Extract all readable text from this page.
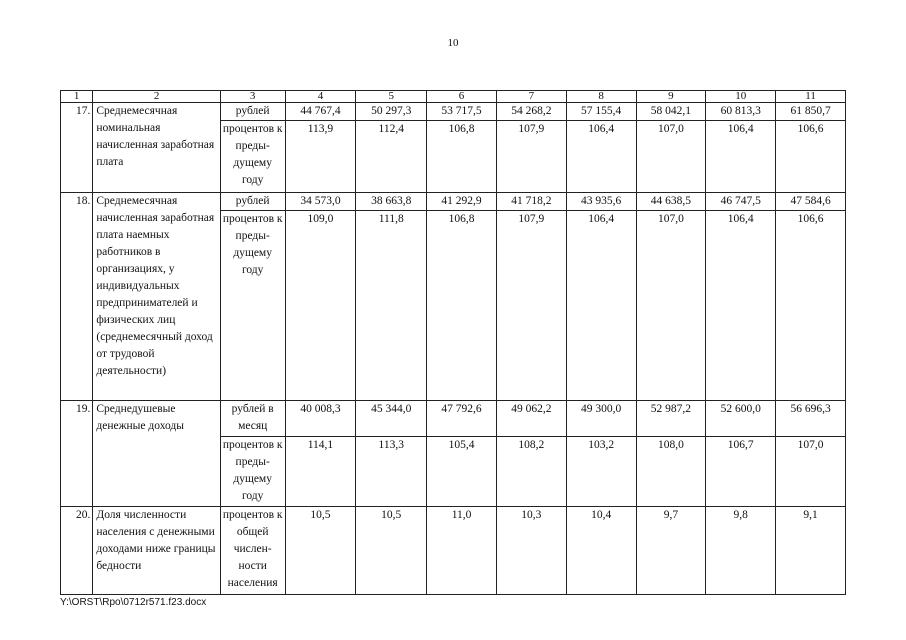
10
1	2	3	4	5	6	7	8	9	10	11
17.	Среднемесячная номинальная начисленная заработная плата	рублей	44 767,4	50 297,3	53 717,5	54 268,2	57 155,4	58 042,1	60 813,3	61 850,7
		процентов к преды-дущему году	113,9	112,4	106,8	107,9	106,4	107,0	106,4	106,6
18.	Среднемесячная начисленная заработная плата наемных работников в организациях, у индивидуальных предпринимателей и физических лиц (среднемесячный доход от трудовой деятельности)	рублей	34 573,0	38 663,8	41 292,9	41 718,2	43 935,6	44 638,5	46 747,5	47 584,6
		процентов к преды-дущему году	109,0	111,8	106,8	107,9	106,4	107,0	106,4	106,6
19.	Среднедушевые денежные доходы	рублей в месяц	40 008,3	45 344,0	47 792,6	49 062,2	49 300,0	52 987,2	52 600,0	56 696,3
		процентов к преды-дущему году	114,1	113,3	105,4	108,2	103,2	108,0	106,7	107,0
20.	Доля численности населения с денежными доходами ниже границы бедности	процентов к общей числен-ности населения	10,5	10,5	11,0	10,3	10,4	9,7	9,8	9,1
Y:\ORST\Rpo\0712r571.f23.docx
